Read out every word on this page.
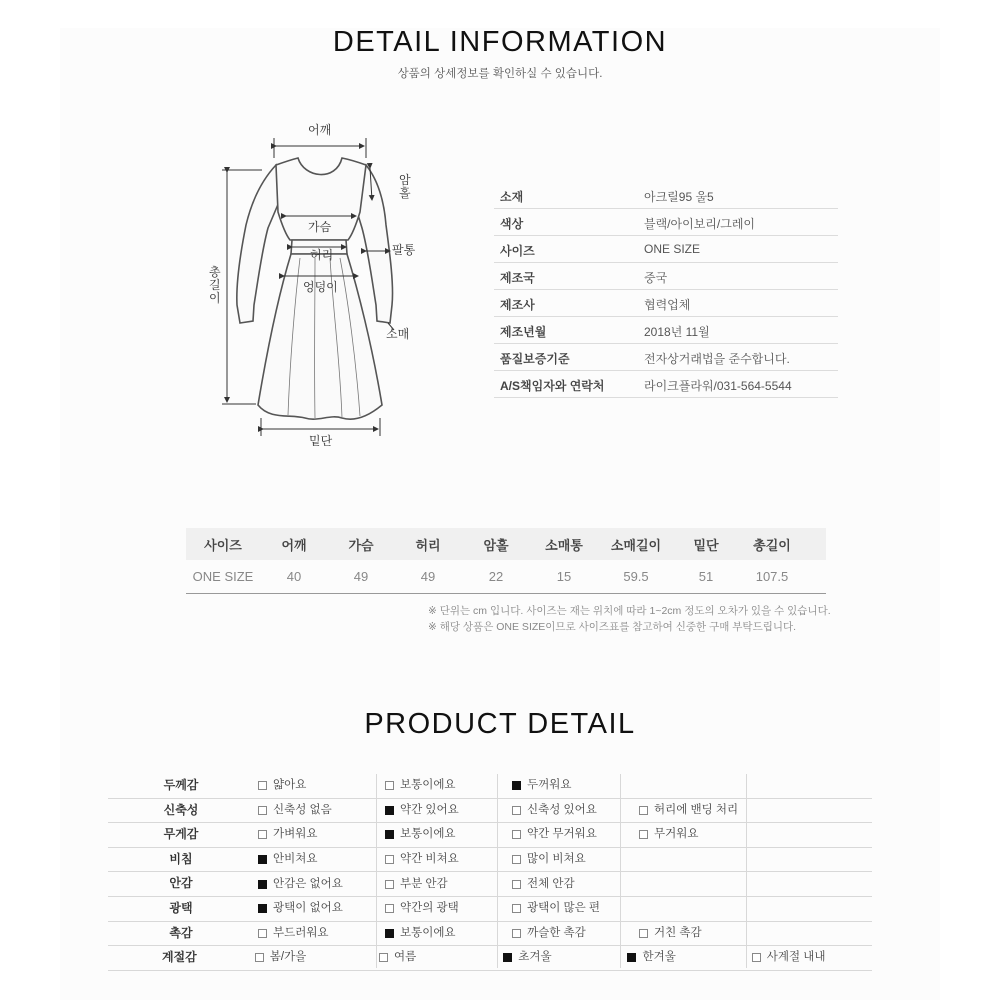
DETAIL INFORMATION
상품의 상세정보를 확인하실 수 있습니다.
어깨
가슴
허리
엉덩이
암홀
팔통
소매
총길이
밑단
소재	아크릴95 울5
색상	블랙/아이보리/그레이
사이즈	ONE SIZE
제조국	중국
제조사	협력업체
제조년월	2018년 11월
품질보증기준	전자상거래법을 준수합니다.
A/S책임자와 연락처	라이크플라워/031-564-5544
사이즈	어깨	가슴	허리	암홀	소매통	소매길이	밑단	총길이
ONE SIZE	40	49	49	22	15	59.5	51	107.5
※ 단위는 cm 입니다. 사이즈는 재는 위치에 따라 1~2cm 정도의 오차가 있을 수 있습니다.
※ 해당 상품은 ONE SIZE이므로 사이즈표를 참고하여 신중한 구매 부탁드립니다.
PRODUCT DETAIL
두께감	얇아요	보통이에요	두꺼워요
신축성	신축성 없음	약간 있어요	신축성 있어요	허리에 밴딩 처리
무게감	가벼워요	보통이에요	약간 무거워요	무거워요
비침	안비쳐요	약간 비쳐요	많이 비쳐요
안감	안감은 없어요	부분 안감	전체 안감
광택	광택이 없어요	약간의 광택	광택이 많은 편
촉감	부드러워요	보통이에요	까슬한 촉감	거친 촉감
계절감	봄/가을	여름	초겨울	한겨울	사계절 내내
